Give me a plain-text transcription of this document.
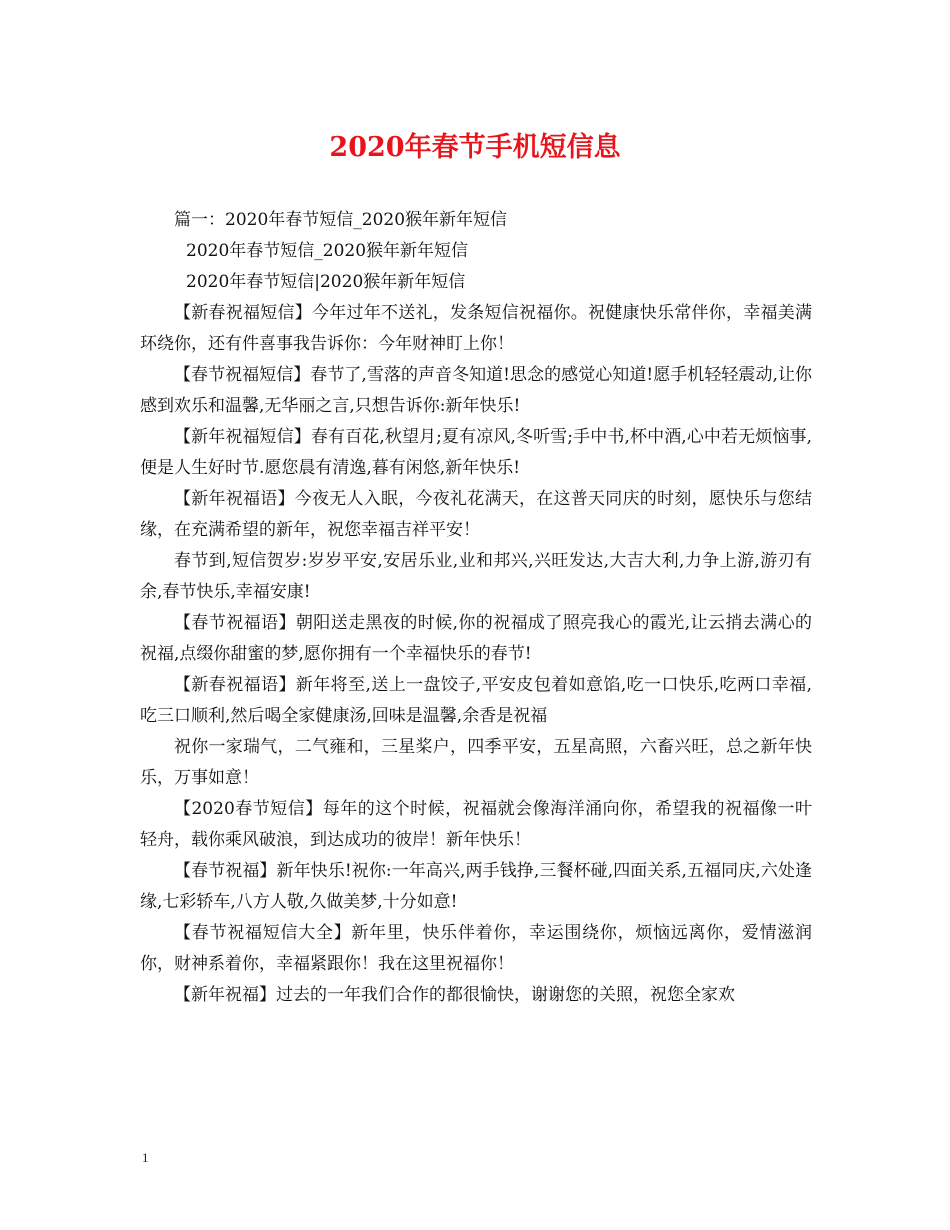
2020年春节手机短信息

篇一：2020年春节短信_2020猴年新年短信

2020年春节短信_2020猴年新年短信

2020年春节短信|2020猴年新年短信

【新春祝福短信】今年过年不送礼，发条短信祝福你。祝健康快乐常伴你，幸福美满环绕你，还有件喜事我告诉你：今年财神盯上你！

【春节祝福短信】春节了,雪落的声音冬知道!思念的感觉心知道!愿手机轻轻震动,让你感到欢乐和温馨,无华丽之言,只想告诉你:新年快乐!

【新年祝福短信】春有百花,秋望月;夏有凉风,冬听雪;手中书,杯中酒,心中若无烦恼事,便是人生好时节.愿您晨有清逸,暮有闲悠,新年快乐!

【新年祝福语】今夜无人入眠，今夜礼花满天，在这普天同庆的时刻，愿快乐与您结缘，在充满希望的新年，祝您幸福吉祥平安！

春节到,短信贺岁:岁岁平安,安居乐业,业和邦兴,兴旺发达,大吉大利,力争上游,游刃有余,春节快乐,幸福安康!

【春节祝福语】朝阳送走黑夜的时候,你的祝福成了照亮我心的霞光,让云捎去满心的祝福,点缀你甜蜜的梦,愿你拥有一个幸福快乐的春节!

【新春祝福语】新年将至,送上一盘饺子,平安皮包着如意馅,吃一口快乐,吃两口幸福,吃三口顺利,然后喝全家健康汤,回味是温馨,余香是祝福

祝你一家瑞气，二气雍和，三星桨户，四季平安，五星高照，六畜兴旺，总之新年快乐，万事如意！

【2020春节短信】每年的这个时候，祝福就会像海洋涌向你，希望我的祝福像一叶轻舟，载你乘风破浪，到达成功的彼岸！新年快乐！

【春节祝福】新年快乐!祝你:一年高兴,两手钱挣,三餐杯碰,四面关系,五福同庆,六处逢缘,七彩轿车,八方人敬,久做美梦,十分如意!

【春节祝福短信大全】新年里，快乐伴着你，幸运围绕你，烦恼远离你，爱情滋润你，财神系着你，幸福紧跟你！我在这里祝福你！

【新年祝福】过去的一年我们合作的都很愉快，谢谢您的关照，祝您全家欢

1
